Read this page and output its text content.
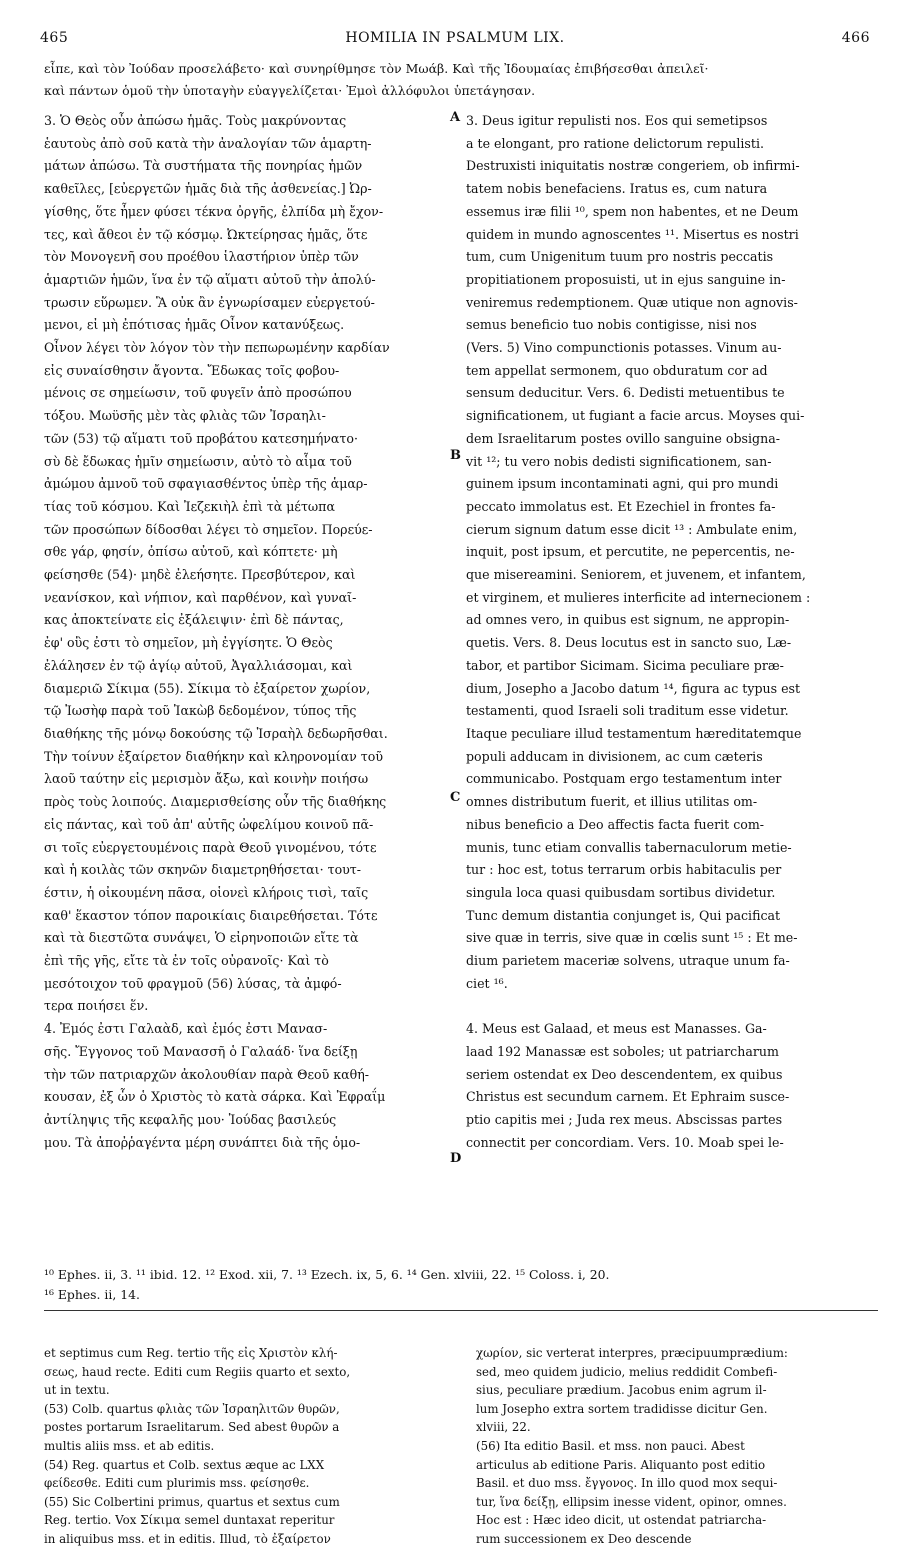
465	HOMILIA IN PSALMUM LIX.	466
εἶπε, καὶ τὸν Ἰούδαν προσελάβετο· καὶ συνηρίθμησε τὸν Μωάβ. Καὶ τῆς Ἰδουμαίας ἐπιβήσεσθαι ἀπειλεῖ·
καὶ πάντων ὁμοῦ τὴν ὑποταγὴν εὐαγγελίζεται· Ἐμοὶ ἀλλόφυλοι ὑπετάγησαν.
3. Ὁ Θεὸς οὖν ἀπώσω ἡμᾶς. Τοὺς μακρύνοντας
ἑαυτοὺς ἀπὸ σοῦ κατὰ τὴν ἀναλογίαν τῶν ἁμαρτη-
μάτων ἀπώσω. Τὰ συστήματα τῆς πονηρίας ἡμῶν
καθεῖλες, [εὐεργετῶν ἡμᾶς διὰ τῆς ἀσθενείας.] Ὠρ-
γίσθης, ὅτε ἦμεν φύσει τέκνα ὀργῆς, ἐλπίδα μὴ ἔχον-
τες, καὶ ἄθεοι ἐν τῷ κόσμῳ. Ὠκτείρησας ἡμᾶς, ὅτε
τὸν Μονογενῆ σου προέθου ἱλαστήριον ὑπὲρ τῶν
ἁμαρτιῶν ἡμῶν, ἵνα ἐν τῷ αἵματι αὐτοῦ τὴν ἀπολύ-
τρωσιν εὕρωμεν. Ἃ οὐκ ἂν ἐγνωρίσαμεν εὐεργετού-
μενοι, εἰ μὴ ἐπότισας ἡμᾶς Οἶνον κατανύξεως.
Οἶνον λέγει τὸν λόγον τὸν τὴν πεπωρωμένην καρδίαν
εἰς συναίσθησιν ἄγοντα. Ἔδωκας τοῖς φοβου-
μένοις σε σημείωσιν, τοῦ φυγεῖν ἀπὸ προσώπου
τόξου. Μωϋσῆς μὲν τὰς φλιὰς τῶν Ἰσραηλι-
τῶν (53) τῷ αἵματι τοῦ προβάτου κατεσημήνατο·
σὺ δὲ ἔδωκας ἡμῖν σημείωσιν, αὐτὸ τὸ αἷμα τοῦ
ἀμώμου ἀμνοῦ τοῦ σφαγιασθέντος ὑπὲρ τῆς ἁμαρ-
τίας τοῦ κόσμου. Καὶ Ἰεζεκιὴλ ἐπὶ τὰ μέτωπα
τῶν προσώπων δίδοσθαι λέγει τὸ σημεῖον. Πορεύε-
σθε γάρ, φησίν, ὀπίσω αὐτοῦ, καὶ κόπτετε· μὴ
φείσησθε (54)· μηδὲ ἐλεήσητε. Πρεσβύτερον, καὶ
νεανίσκον, καὶ νήπιον, καὶ παρθένον, καὶ γυναῖ-
κας ἀποκτείνατε εἰς ἐξάλειψιν· ἐπὶ δὲ πάντας,
ἐφ' οὓς ἐστι τὸ σημεῖον, μὴ ἐγγίσητε. Ὁ Θεὸς
ἐλάλησεν ἐν τῷ ἁγίῳ αὐτοῦ, Ἀγαλλιάσομαι, καὶ
διαμεριῶ Σίκιμα (55). Σίκιμα τὸ ἐξαίρετον χωρίον,
τῷ Ἰωσὴφ παρὰ τοῦ Ἰακὼβ δεδομένον, τύπος τῆς
διαθήκης τῆς μόνῳ δοκούσης τῷ Ἰσραὴλ δεδωρῆσθαι.
Τὴν τοίνυν ἐξαίρετον διαθήκην καὶ κληρονομίαν τοῦ
λαοῦ ταύτην εἰς μερισμὸν ἄξω, καὶ κοινὴν ποιήσω
πρὸς τοὺς λοιπούς. Διαμερισθείσης οὖν τῆς διαθήκης
εἰς πάντας, καὶ τοῦ ἀπ' αὐτῆς ὠφελίμου κοινοῦ πᾶ-
σι τοῖς εὐεργετουμένοις παρὰ Θεοῦ γινομένου, τότε
καὶ ἡ κοιλὰς τῶν σκηνῶν διαμετρηθήσεται· τουτ-
έστιν, ἡ οἰκουμένη πᾶσα, οἱονεὶ κλήροις τισὶ, ταῖς
καθ' ἕκαστον τόπον παροικίαις διαιρεθήσεται. Τότε
καὶ τὰ διεστῶτα συνάψει, Ὁ εἰρηνοποιῶν εἴτε τὰ
ἐπὶ τῆς γῆς, εἴτε τὰ ἐν τοῖς οὐρανοῖς· Καὶ τὸ
μεσότοιχον τοῦ φραγμοῦ (56) λύσας, τὰ ἀμφό-
τερα ποιήσει ἕν.
4. Ἐμός ἐστι Γαλαὰδ, καὶ ἐμός ἐστι Μανασ-
σῆς. Ἔγγονος τοῦ Μανασσῆ ὁ Γαλαάδ· ἵνα δείξῃ
τὴν τῶν πατριαρχῶν ἀκολουθίαν παρὰ Θεοῦ καθή-
κουσαν, ἐξ ὧν ὁ Χριστὸς τὸ κατὰ σάρκα. Καὶ Ἐφραΐμ
ἀντίληψις τῆς κεφαλῆς μου· Ἰούδας βασιλεύς
μου. Τὰ ἀποῤῥαγέντα μέρη συνάπτει διὰ τῆς ὁμο-
3. Deus igitur repulisti nos. Eos qui semetipsos
a te elongant, pro ratione delictorum repulisti.
Destruxisti iniquitatis nostræ congeriem, ob infirmi-
tatem nobis benefaciens. Iratus es, cum natura
essemus iræ filii ¹⁰, spem non habentes, et ne Deum
quidem in mundo agnoscentes ¹¹. Misertus es nostri
tum, cum Unigenitum tuum pro nostris peccatis
propitiationem proposuisti, ut in ejus sanguine in-
veniremus redemptionem. Quæ utique non agnovis-
semus beneficio tuo nobis contigisse, nisi nos
(Vers. 5) Vino compunctionis potasses. Vinum au-
tem appellat sermonem, quo obduratum cor ad
sensum deducitur. Vers. 6. Dedisti metuentibus te
significationem, ut fugiant a facie arcus. Moyses qui-
dem Israelitarum postes ovillo sanguine obsigna-
vit ¹²; tu vero nobis dedisti significationem, san-
guinem ipsum incontaminati agni, qui pro mundi
peccato immolatus est. Et Ezechiel in frontes fa-
cierum signum datum esse dicit ¹³ : Ambulate enim,
inquit, post ipsum, et percutite, ne pepercentis, ne-
que misereamini. Seniorem, et juvenem, et infantem,
et virginem, et mulieres interficite ad internecionem :
ad omnes vero, in quibus est signum, ne appropin-
quetis. Vers. 8. Deus locutus est in sancto suo, Læ-
tabor, et partibor Sicimam. Sicima peculiare præ-
dium, Josepho a Jacobo datum ¹⁴, figura ac typus est
testamenti, quod Israeli soli traditum esse videtur.
Itaque peculiare illud testamentum hæreditatemque
populi adducam in divisionem, ac cum cæteris
communicabo. Postquam ergo testamentum inter
omnes distributum fuerit, et illius utilitas om-
nibus beneficio a Deo affectis facta fuerit com-
munis, tunc etiam convallis tabernaculorum metie-
tur : hoc est, totus terrarum orbis habitaculis per
singula loca quasi quibusdam sortibus dividetur.
Tunc demum distantia conjunget is, Qui pacificat
sive quæ in terris, sive quæ in cœlis sunt ¹⁵ : Et me-
dium parietem maceriæ solvens, utraque unum fa-
ciet ¹⁶.

4. Meus est Galaad, et meus est Manasses. Ga-
laad 192 Manassæ est soboles; ut patriarcharum
seriem ostendat ex Deo descendentem, ex quibus
Christus est secundum carnem. Et Ephraim susce-
ptio capitis mei ; Juda rex meus. Abscissas partes
connectit per concordiam. Vers. 10. Moab spei le-
A
B
C
D
¹⁰ Ephes. ii, 3. ¹¹ ibid. 12. ¹² Exod. xii, 7. ¹³ Ezech. ix, 5, 6. ¹⁴ Gen. xlviii, 22. ¹⁵ Coloss. i, 20.
¹⁶ Ephes. ii, 14.
et septimus cum Reg. tertio τῆς εἰς Χριστὸν κλή-
σεως, haud recte. Editi cum Regiis quarto et sexto,
ut in textu.
(53) Colb. quartus φλιὰς τῶν Ἰσραηλιτῶν θυρῶν,
postes portarum Israelitarum. Sed abest θυρῶν a
multis aliis mss. et ab editis.
(54) Reg. quartus et Colb. sextus æque ac LXX
φείδεσθε. Editi cum plurimis mss. φείσησθε.
(55) Sic Colbertini primus, quartus et sextus cum
Reg. tertio. Vox Σίκιμα semel duntaxat reperitur
in aliquibus mss. et in editis. Illud, τὸ ἐξαίρετον
χωρίον, sic verterat interpres, præcipuumprædium:
sed, meo quidem judicio, melius reddidit Combefi-
sius, peculiare prædium. Jacobus enim agrum il-
lum Josepho extra sortem tradidisse dicitur Gen.
xlviii, 22.
(56) Ita editio Basil. et mss. non pauci. Abest
articulus ab editione Paris. Aliquanto post editio
Basil. et duo mss. ἔγγονος. In illo quod mox sequi-
tur, ἵνα δείξῃ, ellipsim inesse vident, opinor, omnes.
Hoc est : Hæc ideo dicit, ut ostendat patriarcha-
rum successionem ex Deo descende
